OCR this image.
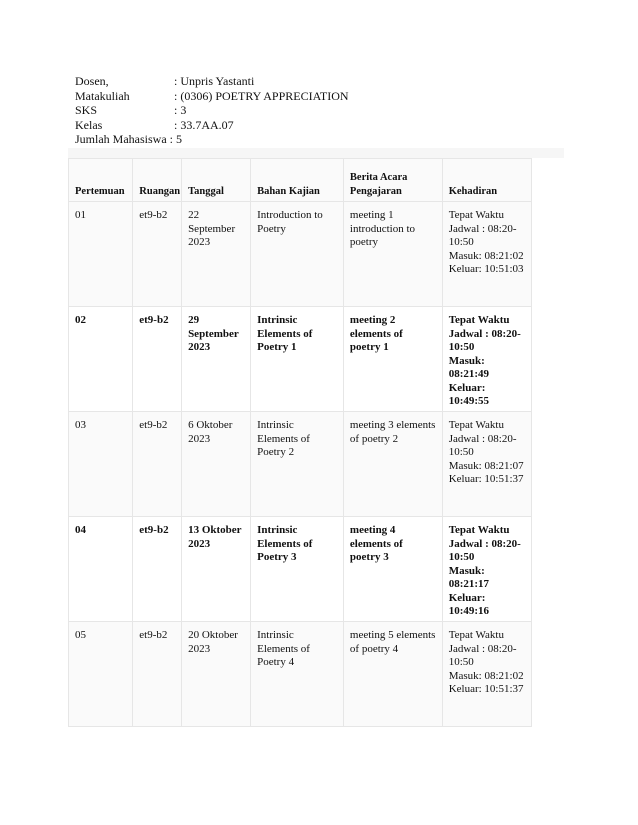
Dosen,	: Unpris Yastanti
Matakuliah	: (0306) POETRY APPRECIATION
SKS	: 3
Kelas	: 33.7AA.07
Jumlah Mahasiswa
: 5
Pertemuan	Ruangan	Tanggal	Bahan Kajian	Berita Acara Pengajaran	Kehadiran
01	et9-b2	22 September 2023	Introduction to Poetry	meeting 1 introduction to poetry	Tepat Waktu
Jadwal : 08:20-10:50
Masuk: 08:21:02
Keluar: 10:51:03

02	et9-b2	29 September 2023	Intrinsic Elements of Poetry 1	meeting 2 elements of poetry 1	Tepat Waktu
Jadwal : 08:20-10:50
Masuk: 08:21:49
Keluar: 10:49:55

03	et9-b2	6 Oktober 2023	Intrinsic Elements of Poetry 2	meeting 3 elements of poetry 2	Tepat Waktu
Jadwal : 08:20-10:50
Masuk: 08:21:07
Keluar: 10:51:37

04	et9-b2	13 Oktober 2023	Intrinsic Elements of Poetry 3	meeting 4 elements of poetry 3	Tepat Waktu
Jadwal : 08:20-10:50
Masuk: 08:21:17
Keluar: 10:49:16

05	et9-b2	20 Oktober 2023	Intrinsic Elements of Poetry 4	meeting 5 elements of poetry 4	Tepat Waktu
Jadwal : 08:20-10:50
Masuk: 08:21:02
Keluar: 10:51:37
